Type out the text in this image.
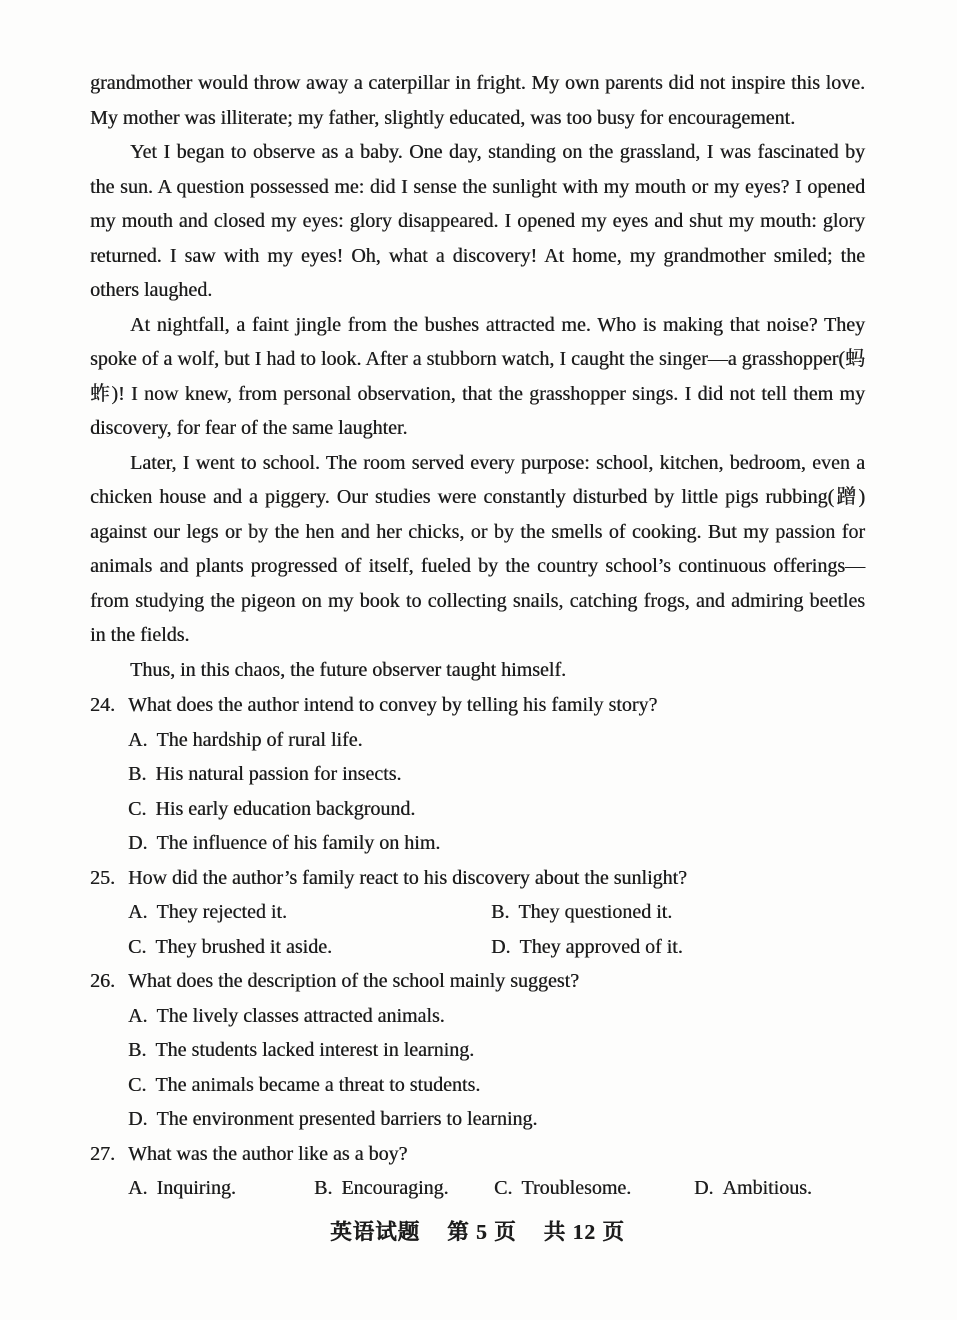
grandmother would throw away a caterpillar in fright. My own parents did not inspire this love. My mother was illiterate; my father, slightly educated, was too busy for encouragement.

Yet I began to observe as a baby. One day, standing on the grassland, I was fascinated by the sun. A question possessed me: did I sense the sunlight with my mouth or my eyes? I opened my mouth and closed my eyes: glory disappeared. I opened my eyes and shut my mouth: glory returned. I saw with my eyes! Oh, what a discovery! At home, my grandmother smiled; the others laughed.

At nightfall, a faint jingle from the bushes attracted me. Who is making that noise? They spoke of a wolf, but I had to look. After a stubborn watch, I caught the singer—a grasshopper(蚂蚱)! I now knew, from personal observation, that the grasshopper sings. I did not tell them my discovery, for fear of the same laughter.

Later, I went to school. The room served every purpose: school, kitchen, bedroom, even a chicken house and a piggery. Our studies were constantly disturbed by little pigs rubbing(蹭) against our legs or by the hen and her chicks, or by the smells of cooking. But my passion for animals and plants progressed of itself, fueled by the country school’s continuous offerings—from studying the pigeon on my book to collecting snails, catching frogs, and admiring beetles in the fields.

Thus, in this chaos, the future observer taught himself.

24. What does the author intend to convey by telling his family story?
A. The hardship of rural life.
B. His natural passion for insects.
C. His early education background.
D. The influence of his family on him.
25. How did the author’s family react to his discovery about the sunlight?
A. They rejected it.	B. They questioned it.
C. They brushed it aside.	D. They approved of it.
26. What does the description of the school mainly suggest?
A. The lively classes attracted animals.
B. The students lacked interest in learning.
C. The animals became a threat to students.
D. The environment presented barriers to learning.
27. What was the author like as a boy?
A. Inquiring.	B. Encouraging.	C. Troublesome.	D. Ambitious.
英语试题 第 5 页 共 12 页
